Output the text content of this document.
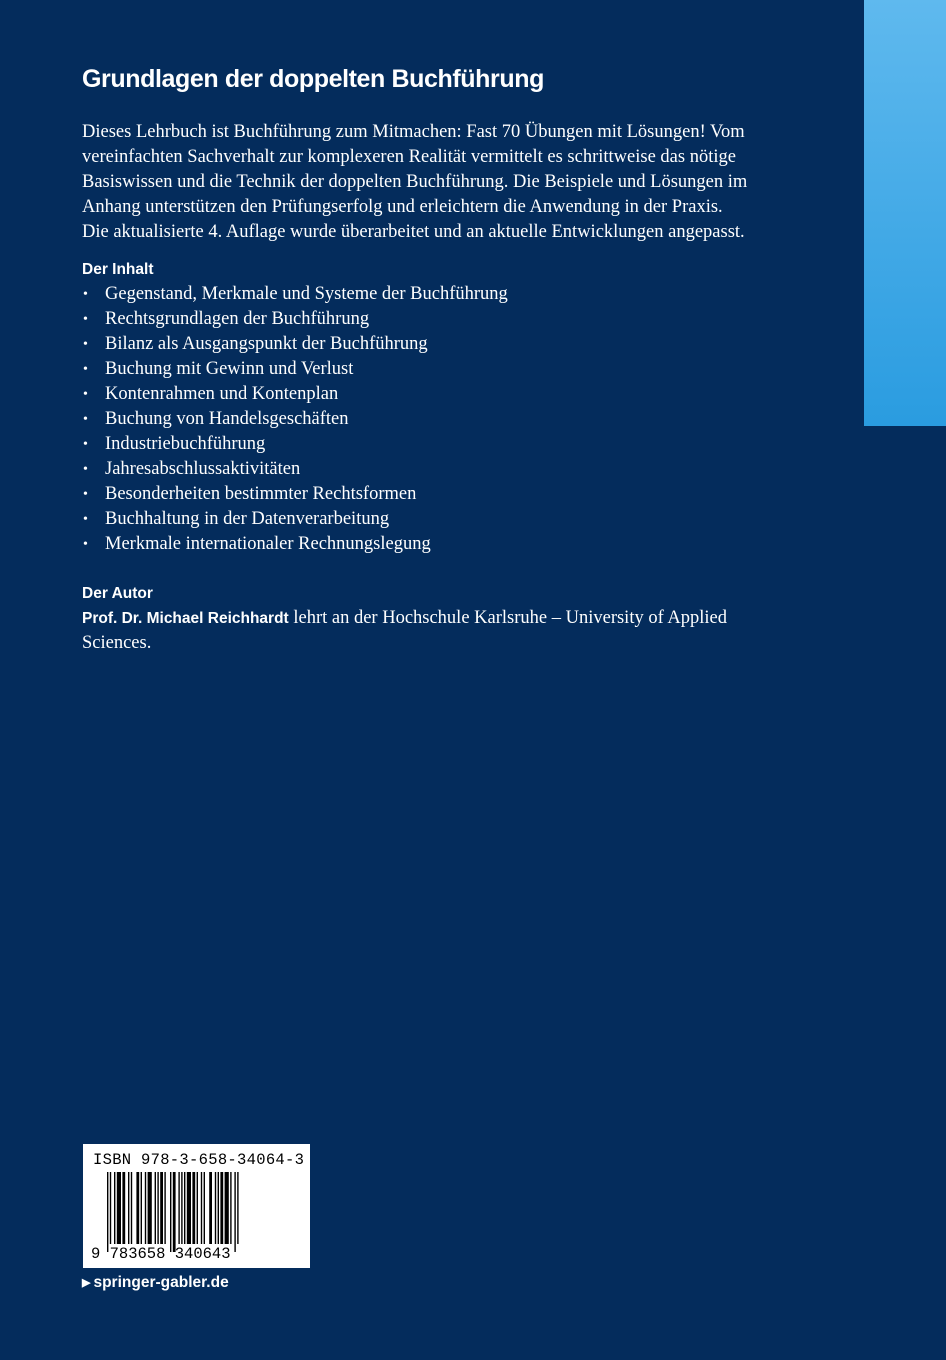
Grundlagen der doppelten Buchführung
Dieses Lehrbuch ist Buchführung zum Mitmachen: Fast 70 Übungen mit Lösungen! Vom
vereinfachten Sachverhalt zur komplexeren Realität vermittelt es schrittweise das nötige
Basiswissen und die Technik der doppelten Buchführung. Die Beispiele und Lösungen im
Anhang unterstützen den Prüfungserfolg und erleichtern die Anwendung in der Praxis.
Die aktualisierte 4. Auflage wurde überarbeitet und an aktuelle Entwicklungen angepasst.
Der Inhalt
• Gegenstand, Merkmale und Systeme der Buchführung
• Rechtsgrundlagen der Buchführung
• Bilanz als Ausgangspunkt der Buchführung
• Buchung mit Gewinn und Verlust
• Kontenrahmen und Kontenplan
• Buchung von Handelsgeschäften
• Industriebuchführung
• Jahresabschlussaktivitäten
• Besonderheiten bestimmter Rechtsformen
• Buchhaltung in der Datenverarbeitung
• Merkmale internationaler Rechnungslegung
Der Autor
Prof. Dr. Michael Reichhardt lehrt an der Hochschule Karlsruhe – University of Applied
Sciences.
ISBN 978-3-658-34064-3
9 783658 340643
▶ springer-gabler.de
